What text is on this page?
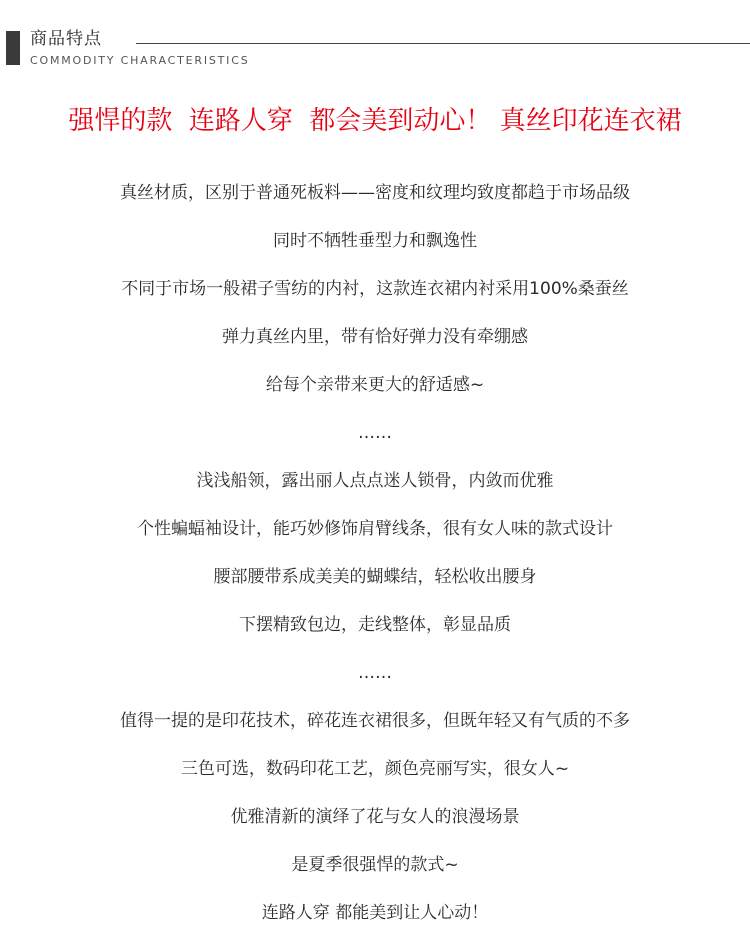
商品特点
COMMODITY CHARACTERISTICS
强悍的款  连路人穿  都会美到动心！ 真丝印花连衣裙
真丝材质，区别于普通死板料——密度和纹理均致度都趋于市场品级
同时不牺牲垂型力和飘逸性
不同于市场一般裙子雪纺的内衬，这款连衣裙内衬采用100%桑蚕丝
弹力真丝内里，带有恰好弹力没有牵绷感
给每个亲带来更大的舒适感~
……
浅浅船领，露出丽人点点迷人锁骨，内敛而优雅
个性蝙蝠袖设计，能巧妙修饰肩臂线条，很有女人味的款式设计
腰部腰带系成美美的蝴蝶结，轻松收出腰身
下摆精致包边，走线整体，彰显品质
……
值得一提的是印花技术，碎花连衣裙很多，但既年轻又有气质的不多
三色可选，数码印花工艺，颜色亮丽写实，很女人~
优雅清新的演绎了花与女人的浪漫场景
是夏季很强悍的款式~
连路人穿 都能美到让人心动！
